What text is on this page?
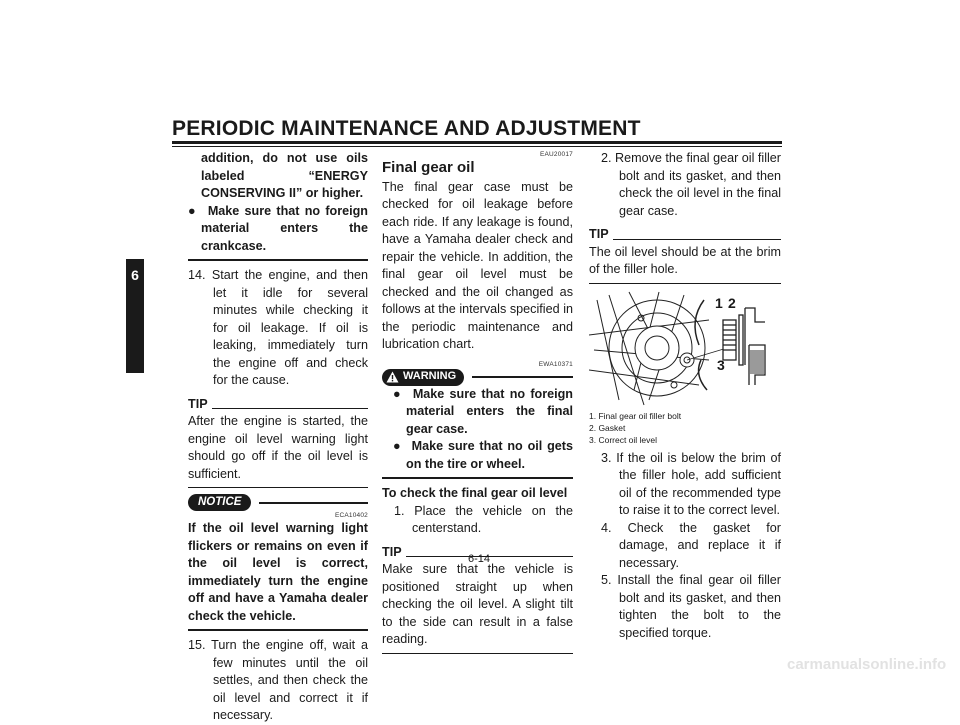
PERIODIC MAINTENANCE AND ADJUSTMENT
6
addition, do not use oils labeled “ENERGY CONSERVING II” or higher.
●  Make sure that no foreign material enters the crankcase.
14. Start the engine, and then let it idle for several minutes while checking it for oil leakage. If oil is leaking, immediately turn the engine off and check for the cause.
TIP
After the engine is started, the engine oil level warning light should go off if the oil level is sufficient.
NOTICE
ECA10402
If the oil level warning light flickers or remains on even if the oil level is correct, immediately turn the engine off and have a Yamaha dealer check the vehicle.
15. Turn the engine off, wait a few minutes until the oil settles, and then check the oil level and correct it if necessary.
EAU20017
Final gear oil
The final gear case must be checked for oil leakage before each ride. If any leakage is found, have a Yamaha dealer check and repair the vehicle. In addition, the final gear oil level must be checked and the oil changed as follows at the intervals specified in the periodic maintenance and lubrication chart.
EWA10371
WARNING
●  Make sure that no foreign material enters the final gear case.
●  Make sure that no oil gets on the tire or wheel.
To check the final gear oil level
1. Place the vehicle on the centerstand.
TIP
Make sure that the vehicle is positioned straight up when checking the oil level. A slight tilt to the side can result in a false reading.
2. Remove the final gear oil filler bolt and its gasket, and then check the oil level in the final gear case.
TIP
The oil level should be at the brim of the filler hole.
1 2
3
1. Final gear oil filler bolt
2. Gasket
3. Correct oil level
3. If the oil is below the brim of the filler hole, add sufficient oil of the recommended type to raise it to the correct level.
4. Check the gasket for damage, and replace it if necessary.
5. Install the final gear oil filler bolt and its gasket, and then tighten the bolt to the specified torque.
6-14
carmanualsonline.info
